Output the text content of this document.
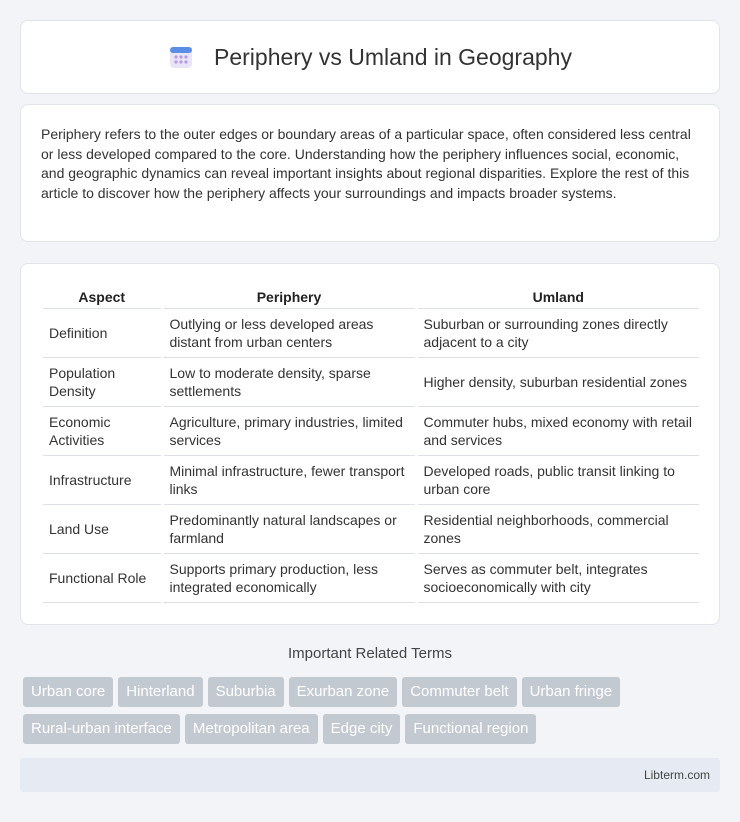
Periphery vs Umland in Geography

Periphery refers to the outer edges or boundary areas of a particular space, often considered less central or less developed compared to the core. Understanding how the periphery influences social, economic, and geographic dynamics can reveal important insights about regional disparities. Explore the rest of this article to discover how the periphery affects your surroundings and impacts broader systems.

Aspect	Periphery	Umland
Definition	Outlying or less developed areas distant from urban centers	Suburban or surrounding zones directly adjacent to a city
Population Density	Low to moderate density, sparse settlements	Higher density, suburban residential zones
Economic Activities	Agriculture, primary industries, limited services	Commuter hubs, mixed economy with retail and services
Infrastructure	Minimal infrastructure, fewer transport links	Developed roads, public transit linking to urban core
Land Use	Predominantly natural landscapes or farmland	Residential neighborhoods, commercial zones
Functional Role	Supports primary production, less integrated economically	Serves as commuter belt, integrates socioeconomically with city
Important Related Terms
Urban core Hinterland Suburbia Exurban zone Commuter belt Urban fringe
Rural-urban interface Metropolitan area Edge city Functional region
Libterm.com
